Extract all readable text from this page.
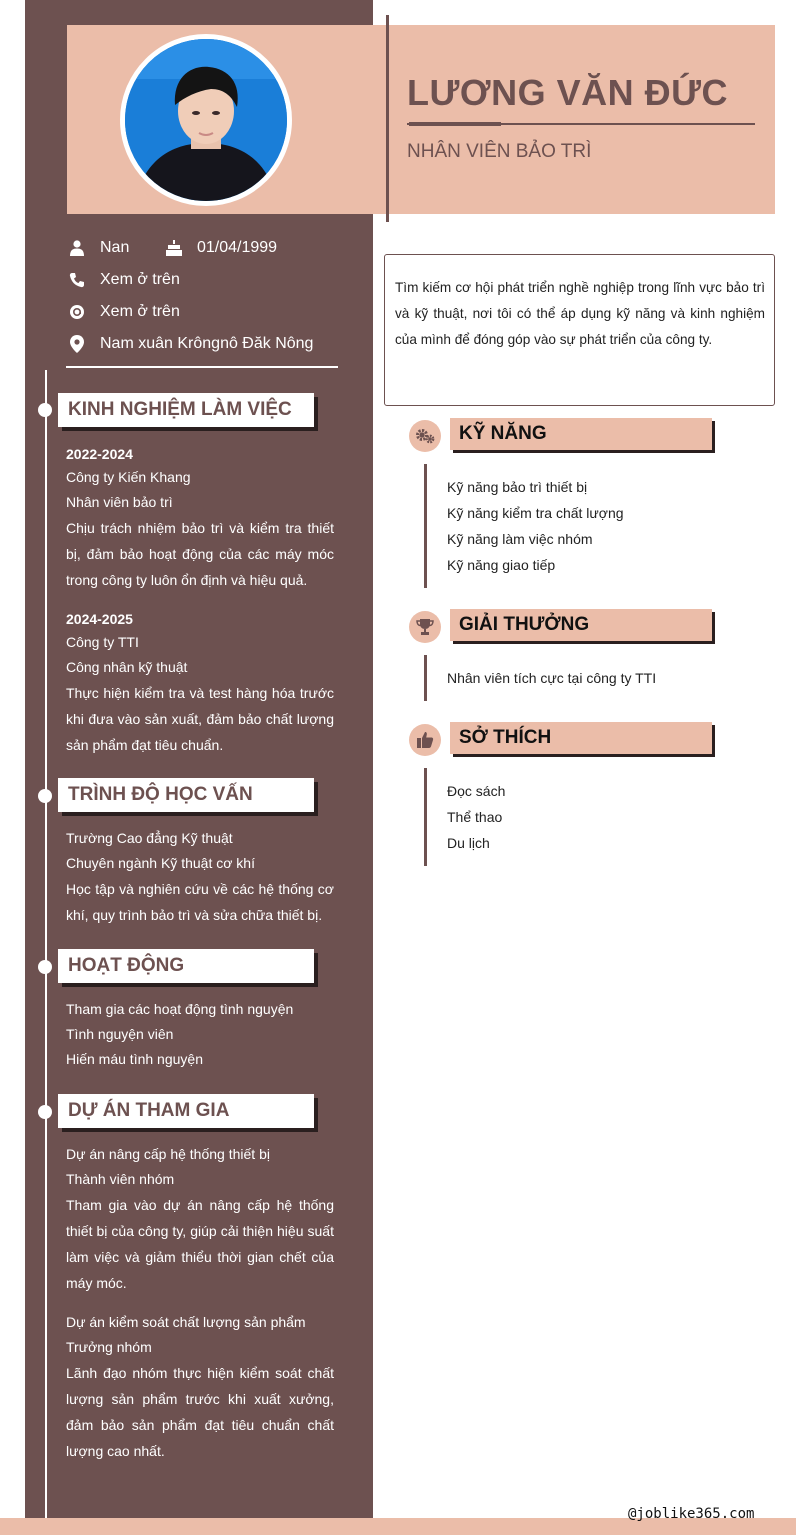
LƯƠNG VĂN ĐỨC
NHÂN VIÊN BẢO TRÌ
Nan	01/04/1999
Xem ở trên
Xem ở trên
Nam xuân Krôngnô Đăk Nông
KINH NGHIỆM LÀM VIỆC
2022-2024
Công ty Kiến Khang
Nhân viên bảo trì
Chịu trách nhiệm bảo trì và kiểm tra thiết bị, đảm bảo hoạt động của các máy móc trong công ty luôn ổn định và hiệu quả.
2024-2025
Công ty TTI
Công nhân kỹ thuật
Thực hiện kiểm tra và test hàng hóa trước khi đưa vào sản xuất, đảm bảo chất lượng sản phẩm đạt tiêu chuẩn.
TRÌNH ĐỘ HỌC VẤN
Trường Cao đẳng Kỹ thuật
Chuyên ngành Kỹ thuật cơ khí
Học tập và nghiên cứu về các hệ thống cơ khí, quy trình bảo trì và sửa chữa thiết bị.
HOẠT ĐỘNG
Tham gia các hoạt động tình nguyện
Tình nguyện viên
Hiến máu tình nguyện
DỰ ÁN THAM GIA
Dự án nâng cấp hệ thống thiết bị
Thành viên nhóm
Tham gia vào dự án nâng cấp hệ thống thiết bị của công ty, giúp cải thiện hiệu suất làm việc và giảm thiểu thời gian chết của máy móc.
Dự án kiểm soát chất lượng sản phẩm
Trưởng nhóm
Lãnh đạo nhóm thực hiện kiểm soát chất lượng sản phẩm trước khi xuất xưởng, đảm bảo sản phẩm đạt tiêu chuẩn chất lượng cao nhất.
Tìm kiếm cơ hội phát triển nghề nghiệp trong lĩnh vực bảo trì và kỹ thuật, nơi tôi có thể áp dụng kỹ năng và kinh nghiệm của mình để đóng góp vào sự phát triển của công ty.
KỸ NĂNG
Kỹ năng bảo trì thiết bị
Kỹ năng kiểm tra chất lượng
Kỹ năng làm việc nhóm
Kỹ năng giao tiếp
GIẢI THƯỞNG
Nhân viên tích cực tại công ty TTI
SỞ THÍCH
Đọc sách
Thể thao
Du lịch
@joblike365.com
